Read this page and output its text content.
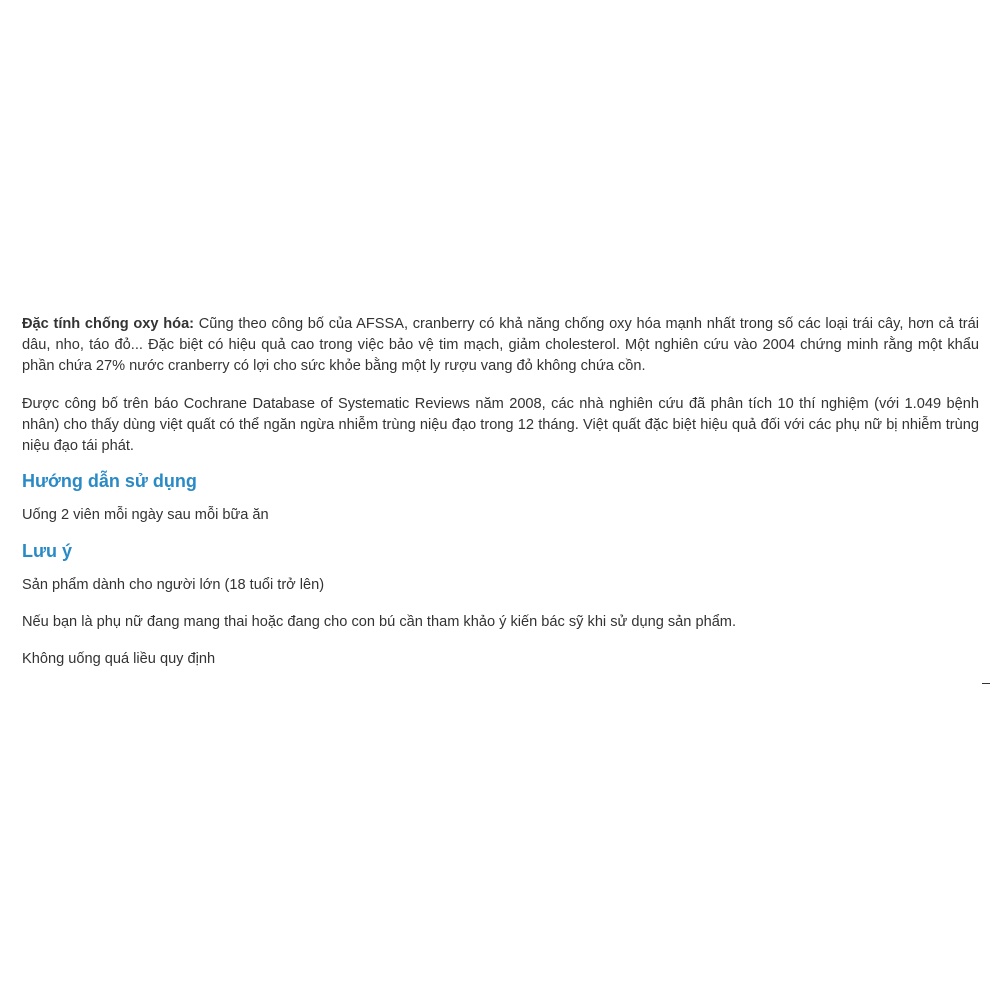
Đặc tính chống oxy hóa: Cũng theo công bố của AFSSA, cranberry có khả năng chống oxy hóa mạnh nhất trong số các loại trái cây, hơn cả trái dâu, nho, táo đỏ... Đặc biệt có hiệu quả cao trong việc bảo vệ tim mạch, giảm cholesterol. Một nghiên cứu vào 2004 chứng minh rằng một khẩu phần chứa 27% nước cranberry có lợi cho sức khỏe bằng một ly rượu vang đỏ không chứa cồn.

Được công bố trên báo Cochrane Database of Systematic Reviews năm 2008, các nhà nghiên cứu đã phân tích 10 thí nghiệm (với 1.049 bệnh nhân) cho thấy dùng việt quất có thể ngăn ngừa nhiễm trùng niệu đạo trong 12 tháng. Việt quất đặc biệt hiệu quả đối với các phụ nữ bị nhiễm trùng niệu đạo tái phát.

Hướng dẫn sử dụng

Uống 2 viên mỗi ngày sau mỗi bữa ăn

Lưu ý

Sản phẩm dành cho người lớn (18 tuổi trở lên)

Nếu bạn là phụ nữ đang mang thai hoặc đang cho con bú cần tham khảo ý kiến bác sỹ khi sử dụng sản phẩm.

Không uống quá liều quy định
